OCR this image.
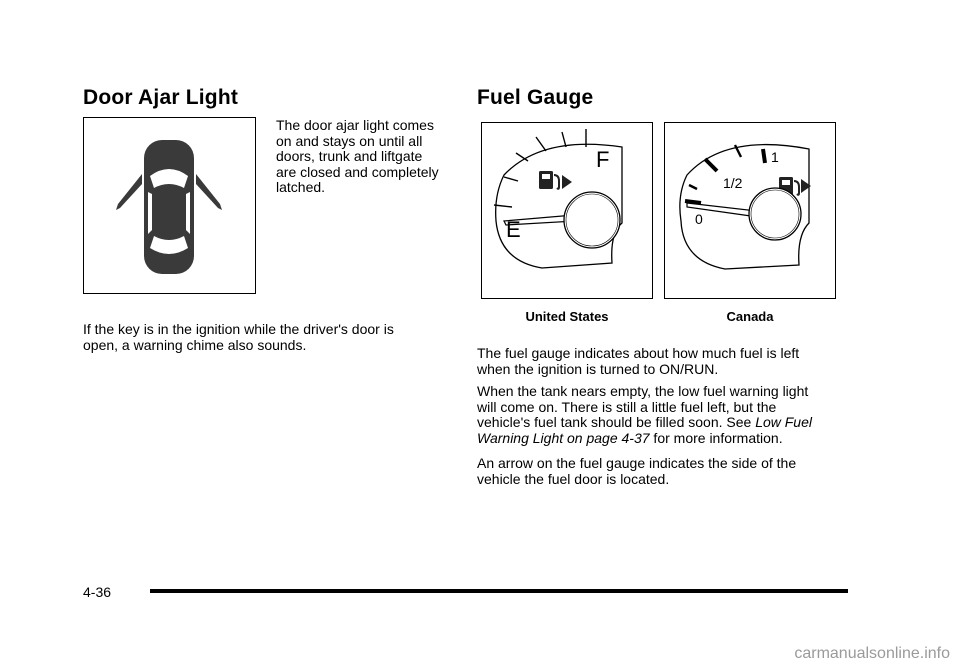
Door Ajar Light

The door ajar light comes

on and stays on until all

doors, trunk and liftgate

are closed and completely

latched.

If the key is in the ignition while the driver's door is

open, a warning chime also sounds.

Fuel Gauge
F
E
1
1/2
0
United States	Canada

The fuel gauge indicates about how much fuel is left

when the ignition is turned to ON/RUN.

When the tank nears empty, the low fuel warning light

will come on. There is still a little fuel left, but the

vehicle's fuel tank should be filled soon. See Low Fuel

Warning Light on page 4-37 for more information.

An arrow on the fuel gauge indicates the side of the

vehicle the fuel door is located.

4-36
carmanualsonline.info
